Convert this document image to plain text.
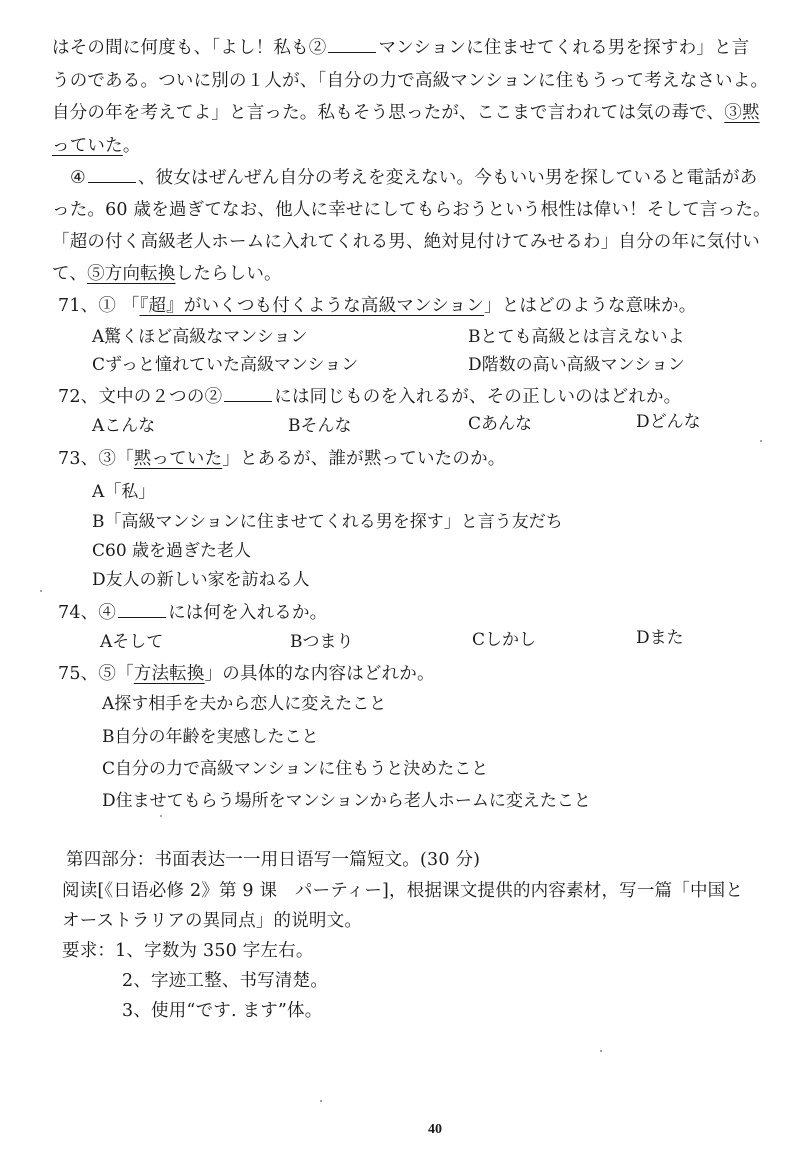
はその間に何度も、「よし！私も②	マンションに住ませてくれる男を探すわ」と言
うのである。ついに別の１人が、「自分の力で高級マンションに住もうって考えなさいよ。
自分の年を考えてよ」と言った。私もそう思ったが、ここまで言われては気の毒で、③黙
っていた。
④	、彼女はぜんぜん自分の考えを変えない。今もいい男を探していると電話があ
った。60 歳を過ぎてなお、他人に幸せにしてもらおうという根性は偉い！そして言った。
「超の付く高級老人ホームに入れてくれる男、絶対見付けてみせるわ」自分の年に気付い
て、⑤方向転換したらしい。
71、① 「『超』がいくつも付くような高級マンション」とはどのような意味か。
A驚くほど高級なマンション	Bとても高級とは言えないよ
Cずっと憧れていた高級マンション	D階数の高い高級マンション
72、文中の２つの②	には同じものを入れるが、その正しいのはどれか。
Aこんな	Bそんな	Cあんな	Dどんな
73、③「黙っていた」とあるが、誰が黙っていたのか。
A「私」
B「高級マンションに住ませてくれる男を探す」と言う友だち
C60 歳を過ぎた老人
D友人の新しい家を訪ねる人
74、④	には何を入れるか。
Aそして	Bつまり	Cしかし	Dまた
75、⑤「方法転換」の具体的な内容はどれか。
A探す相手を夫から恋人に変えたこと
B自分の年齢を実感したこと
C自分の力で高級マンションに住もうと決めたこと
D住ませてもらう場所をマンションから老人ホームに変えたこと
第四部分：书面表达一一用日语写一篇短文。(30 分)
阅读[《日语必修 2》第 9 课　パーティー]，根据课文提供的内容素材，写一篇「中国と
オーストラリアの異同点」的说明文。
要求：1、字数为 350 字左右。
2、字迹工整、书写清楚。
3、使用“です. ます”体。
40
